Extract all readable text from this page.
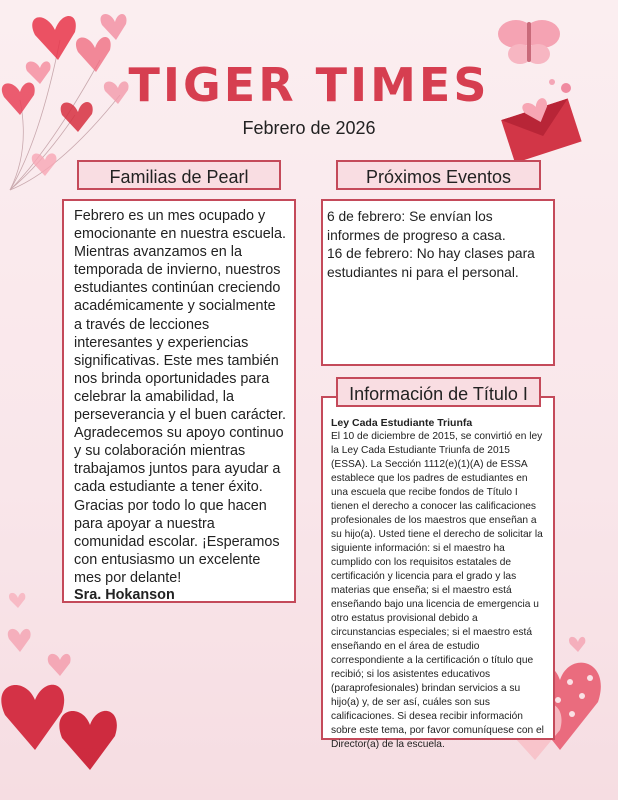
TIGER TIMES
Febrero de 2026
Familias de Pearl
Febrero es un mes ocupado y emocionante en nuestra escuela. Mientras avanzamos en la temporada de invierno, nuestros estudiantes continúan creciendo académicamente y socialmente a través de lecciones interesantes y experiencias significativas. Este mes también nos brinda oportunidades para celebrar la amabilidad, la perseverancia y el buen carácter. Agradecemos su apoyo continuo y su colaboración mientras trabajamos juntos para ayudar a cada estudiante a tener éxito. Gracias por todo lo que hacen para apoyar a nuestra comunidad escolar. ¡Esperamos con entusiasmo un excelente mes por delante!
Sra. Hokanson
Próximos Eventos
6 de febrero: Se envían los informes de progreso a casa.
16 de febrero: No hay clases para estudiantes ni para el personal.
Ley Cada Estudiante Triunfa
El 10 de diciembre de 2015, se convirtió en ley la Ley Cada Estudiante Triunfa de 2015 (ESSA). La Sección 1112(e)(1)(A) de ESSA establece que los padres de estudiantes en una escuela que recibe fondos de Título I tienen el derecho a conocer las calificaciones profesionales de los maestros que enseñan a su hijo(a). Usted tiene el derecho de solicitar la siguiente información: si el maestro ha cumplido con los requisitos estatales de certificación y licencia para el grado y las materias que enseña; si el maestro está enseñando bajo una licencia de emergencia u otro estatus provisional debido a circunstancias especiales; si el maestro está enseñando en el área de estudio correspondiente a la certificación o título que recibió; si los asistentes educativos (paraprofesionales) brindan servicios a su hijo(a) y, de ser así, cuáles son sus calificaciones. Si desea recibir información sobre este tema, por favor comuníquese con el Director(a) de la escuela.
Información de Título I
